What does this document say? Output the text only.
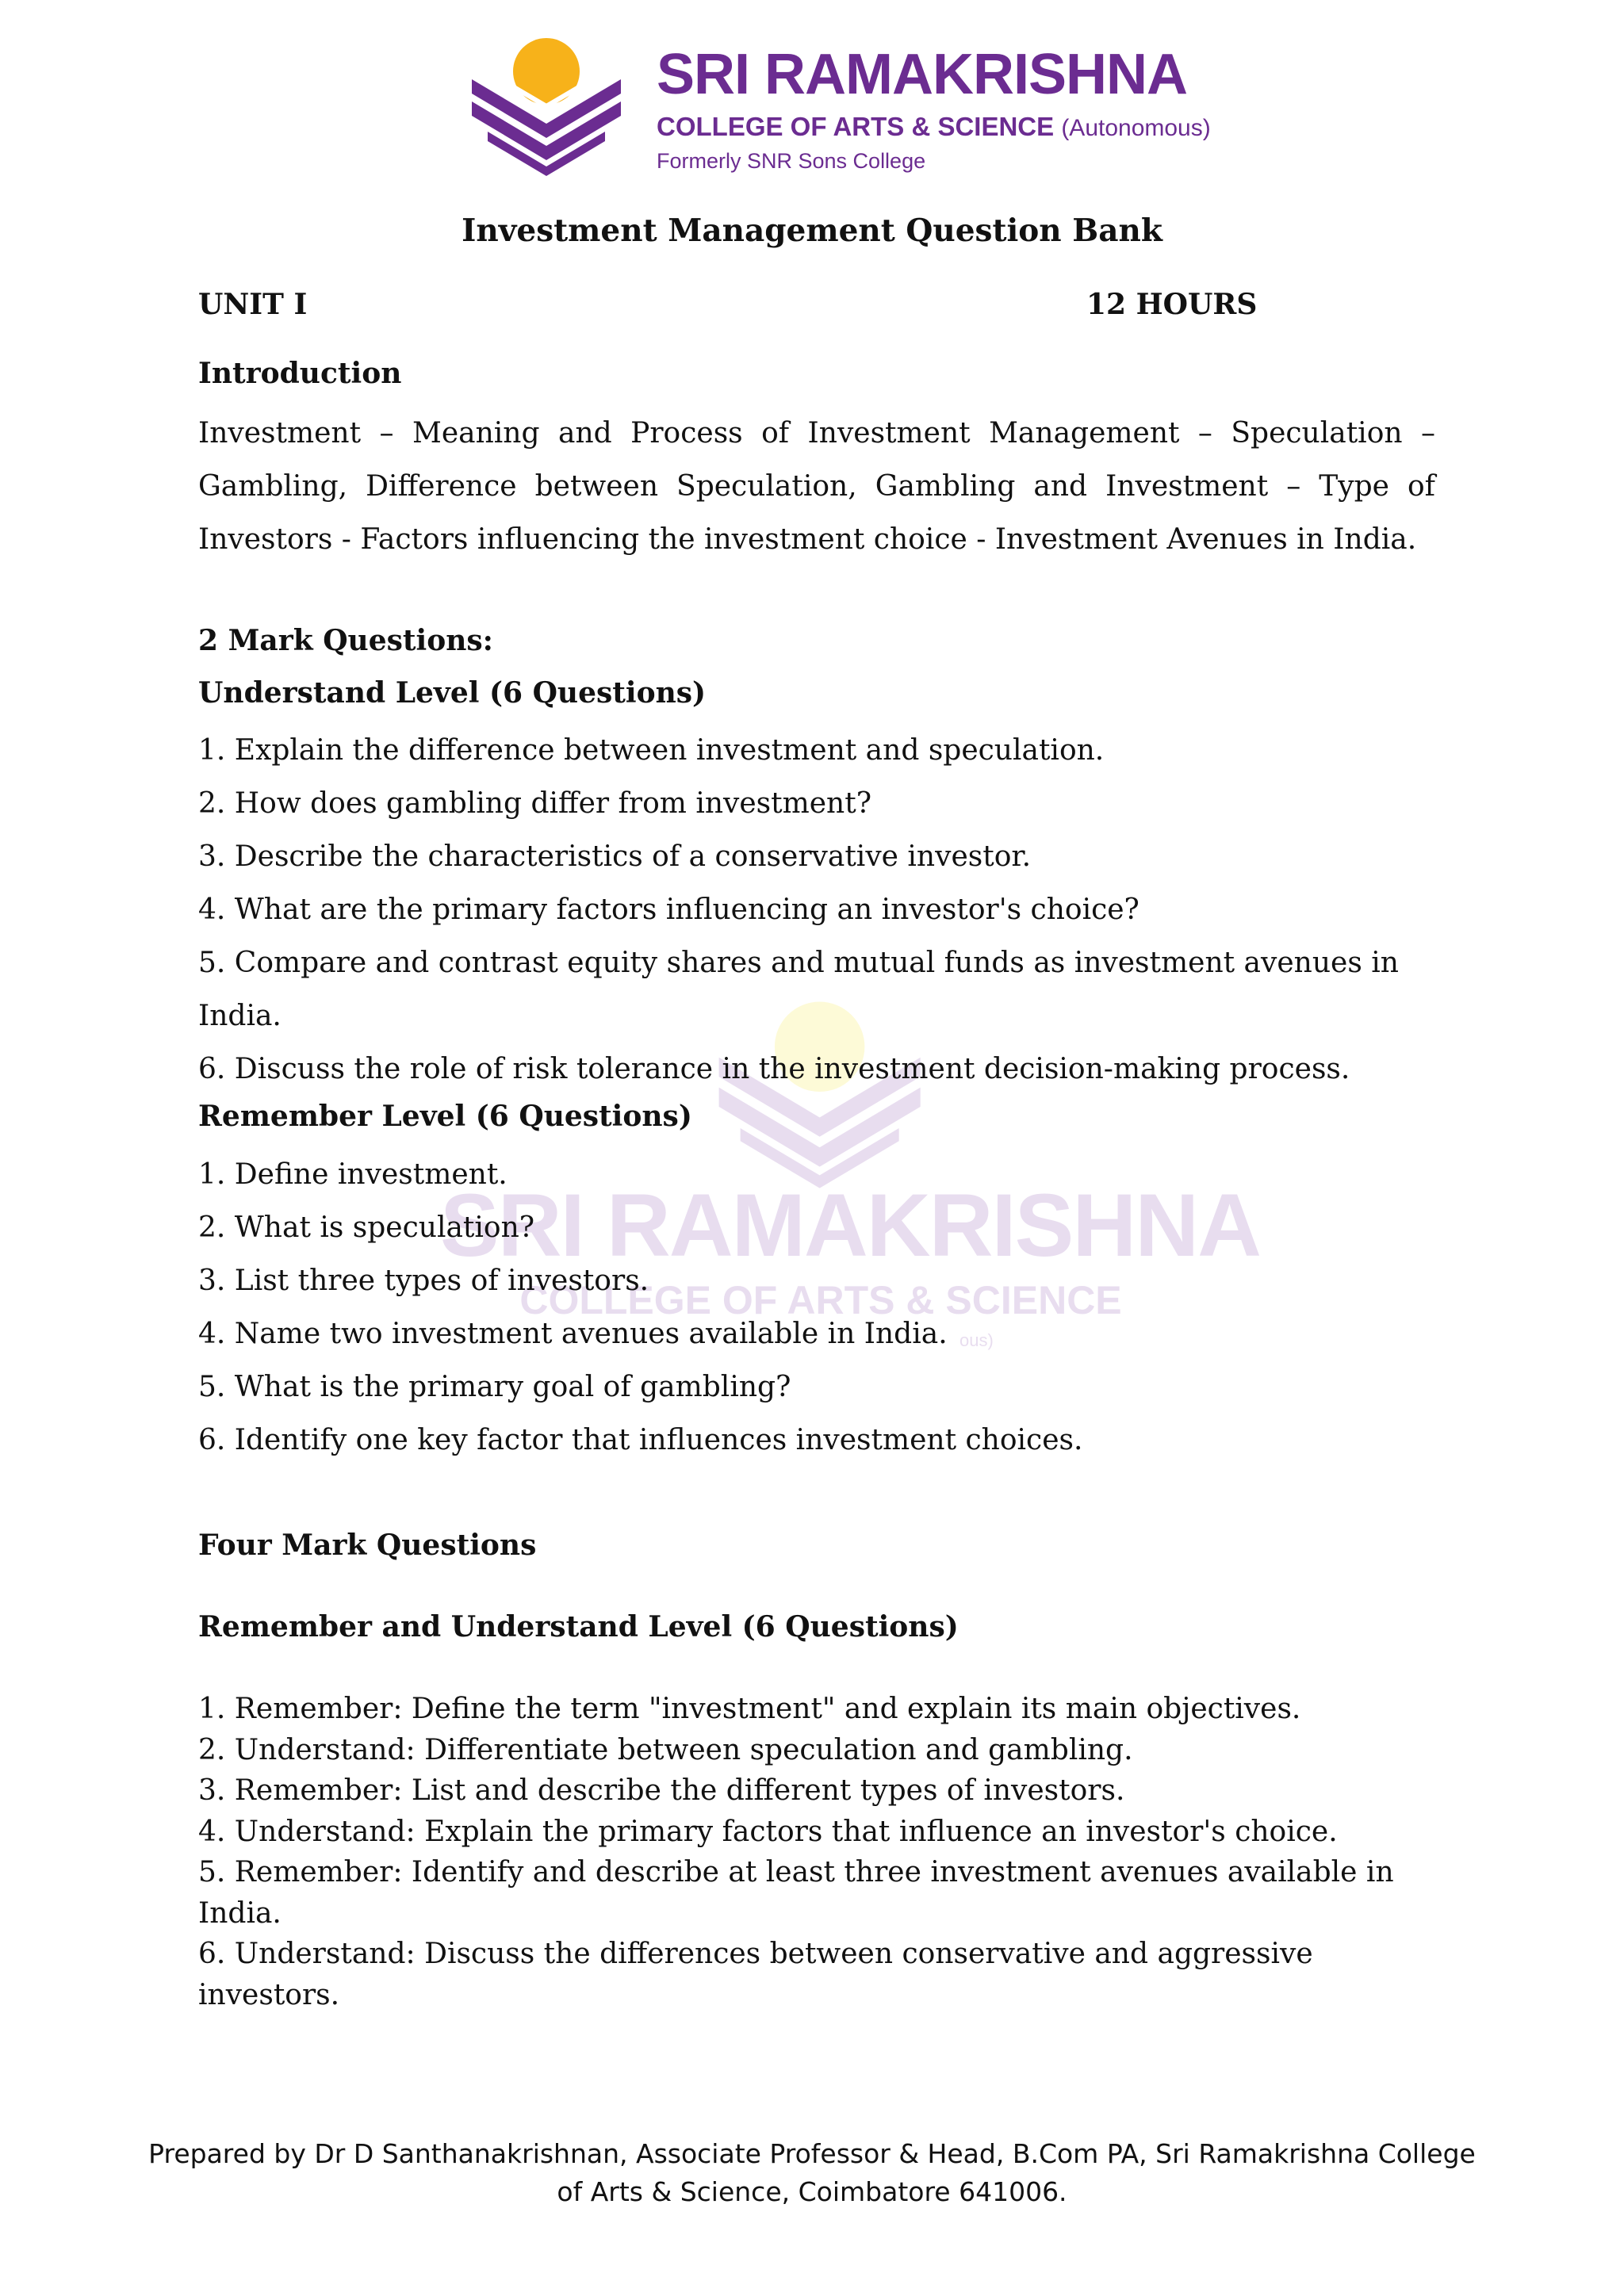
SRI RAMAKRISHNA
COLLEGE OF ARTS & SCIENCE (Autonomous)
Formerly SNR Sons College
SRI RAMAKRISHNA
COLLEGE OF ARTS & SCIENCE
ous)
Investment Management Question Bank
UNIT I	12 HOURS
Introduction
Investment – Meaning and Process of Investment Management – Speculation – Gambling, Difference between Speculation, Gambling and Investment – Type of Investors - Factors influencing the investment choice - Investment Avenues in India.
2 Mark Questions:
Understand Level (6 Questions)
1. Explain the difference between investment and speculation.
2. How does gambling differ from investment?
3. Describe the characteristics of a conservative investor.
4. What are the primary factors influencing an investor's choice?
5. Compare and contrast equity shares and mutual funds as investment avenues in India.
6. Discuss the role of risk tolerance in the investment decision-making process.
Remember Level (6 Questions)
1. Define investment.
2. What is speculation?
3. List three types of investors.
4. Name two investment avenues available in India.
5. What is the primary goal of gambling?
6. Identify one key factor that influences investment choices.
Four Mark Questions
Remember and Understand Level (6 Questions)
1. Remember: Define the term "investment" and explain its main objectives.
2. Understand: Differentiate between speculation and gambling.
3. Remember: List and describe the different types of investors.
4. Understand: Explain the primary factors that influence an investor's choice.
5. Remember: Identify and describe at least three investment avenues available in India.
6. Understand: Discuss the differences between conservative and aggressive investors.
Prepared by Dr D Santhanakrishnan, Associate Professor & Head, B.Com PA, Sri Ramakrishna College
of Arts & Science, Coimbatore 641006.
